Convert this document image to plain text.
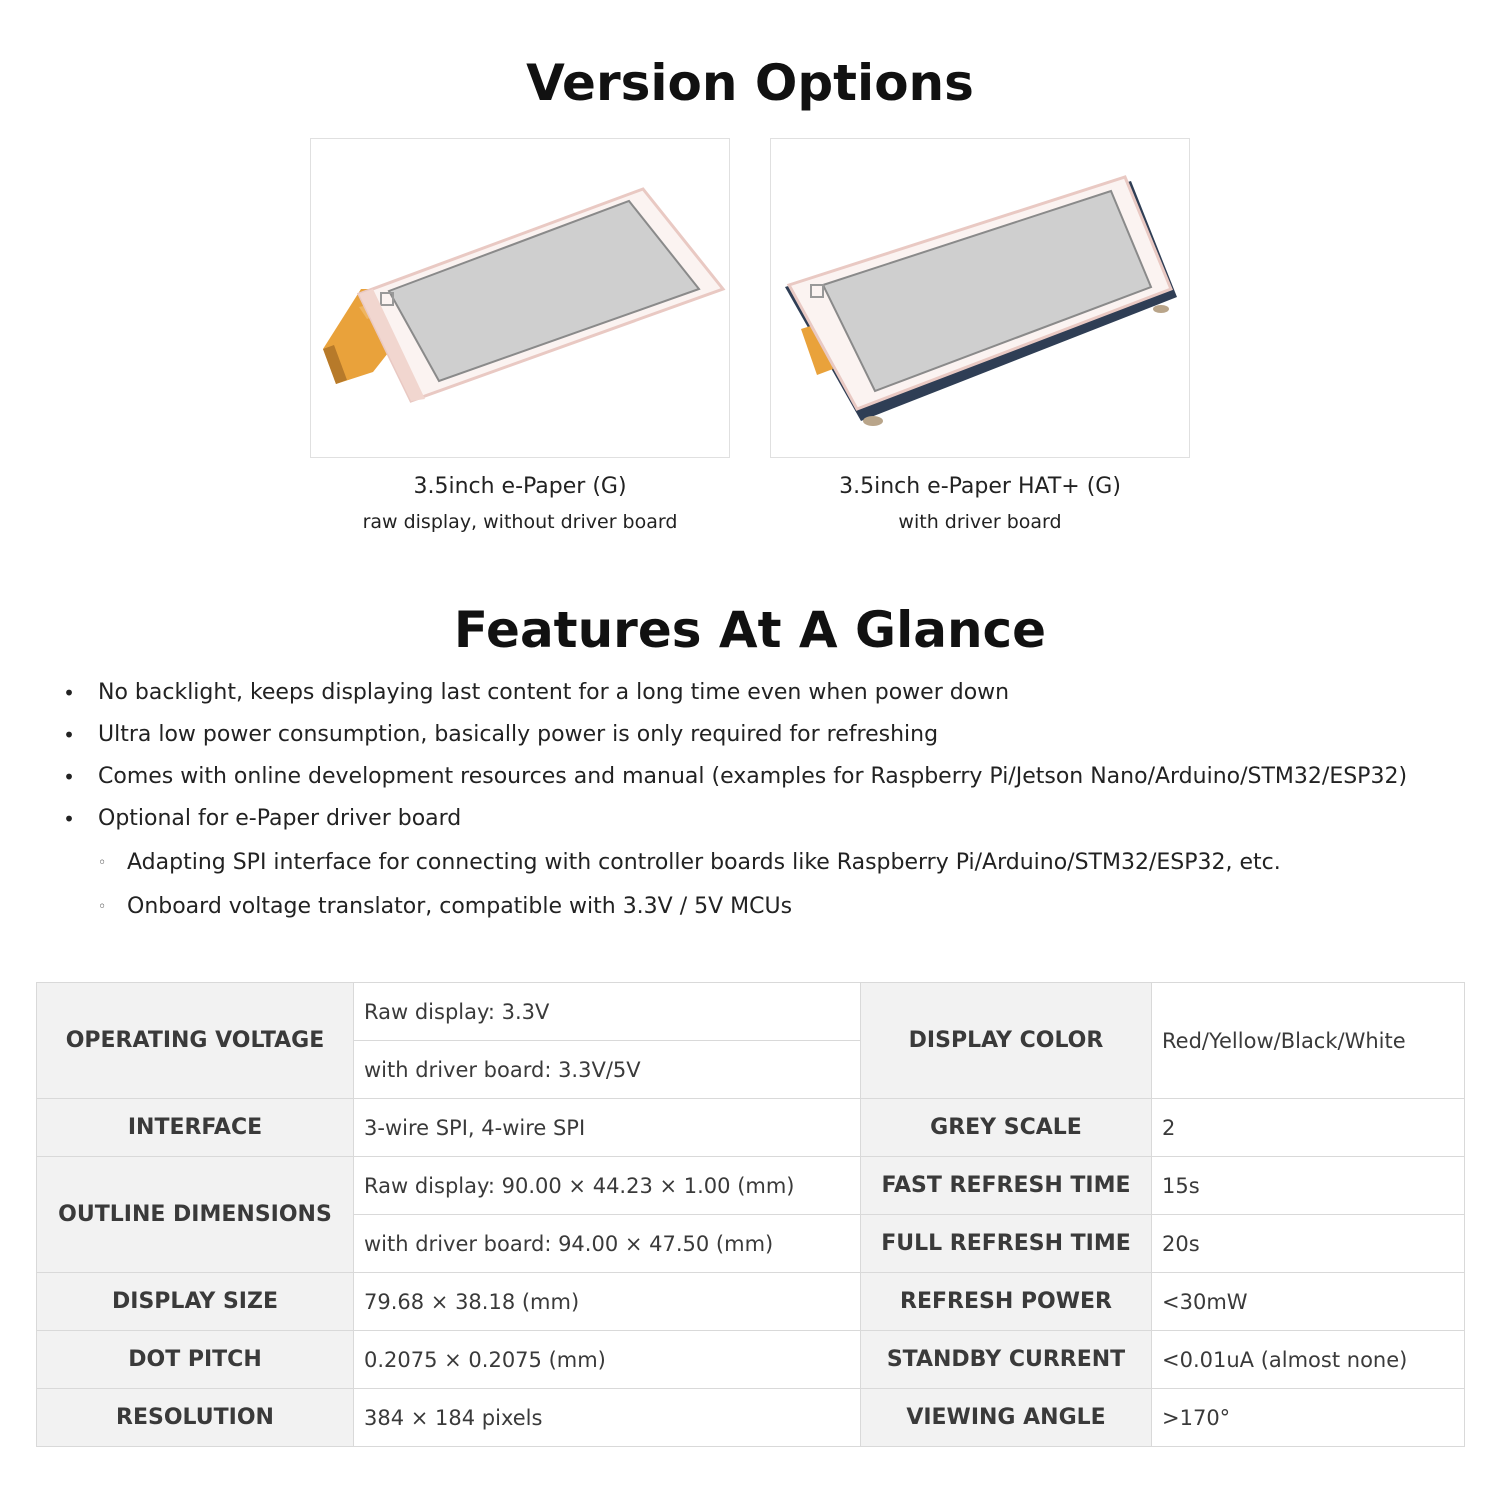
Version Options
3.5inch e-Paper (G)
raw display, without driver board
3.5inch e-Paper HAT+ (G)
with driver board
Features At A Glance
• No backlight, keeps displaying last content for a long time even when power down
• Ultra low power consumption, basically power is only required for refreshing
• Comes with online development resources and manual (examples for Raspberry Pi/Jetson Nano/Arduino/STM32/ESP32)
• Optional for e-Paper driver board
◦ Adapting SPI interface for connecting with controller boards like Raspberry Pi/Arduino/STM32/ESP32, etc.
◦ Onboard voltage translator, compatible with 3.3V / 5V MCUs
OPERATING VOLTAGE	Raw display: 3.3V	DISPLAY COLOR	Red/Yellow/Black/White
	with driver board: 3.3V/5V		
INTERFACE	3-wire SPI, 4-wire SPI	GREY SCALE	2
OUTLINE DIMENSIONS	Raw display: 90.00 × 44.23 × 1.00 (mm)	FAST REFRESH TIME	15s
	with driver board: 94.00 × 47.50 (mm)	FULL REFRESH TIME	20s
DISPLAY SIZE	79.68 × 38.18 (mm)	REFRESH POWER	<30mW
DOT PITCH	0.2075 × 0.2075 (mm)	STANDBY CURRENT	<0.01uA (almost none)
RESOLUTION	384 × 184 pixels	VIEWING ANGLE	>170°
